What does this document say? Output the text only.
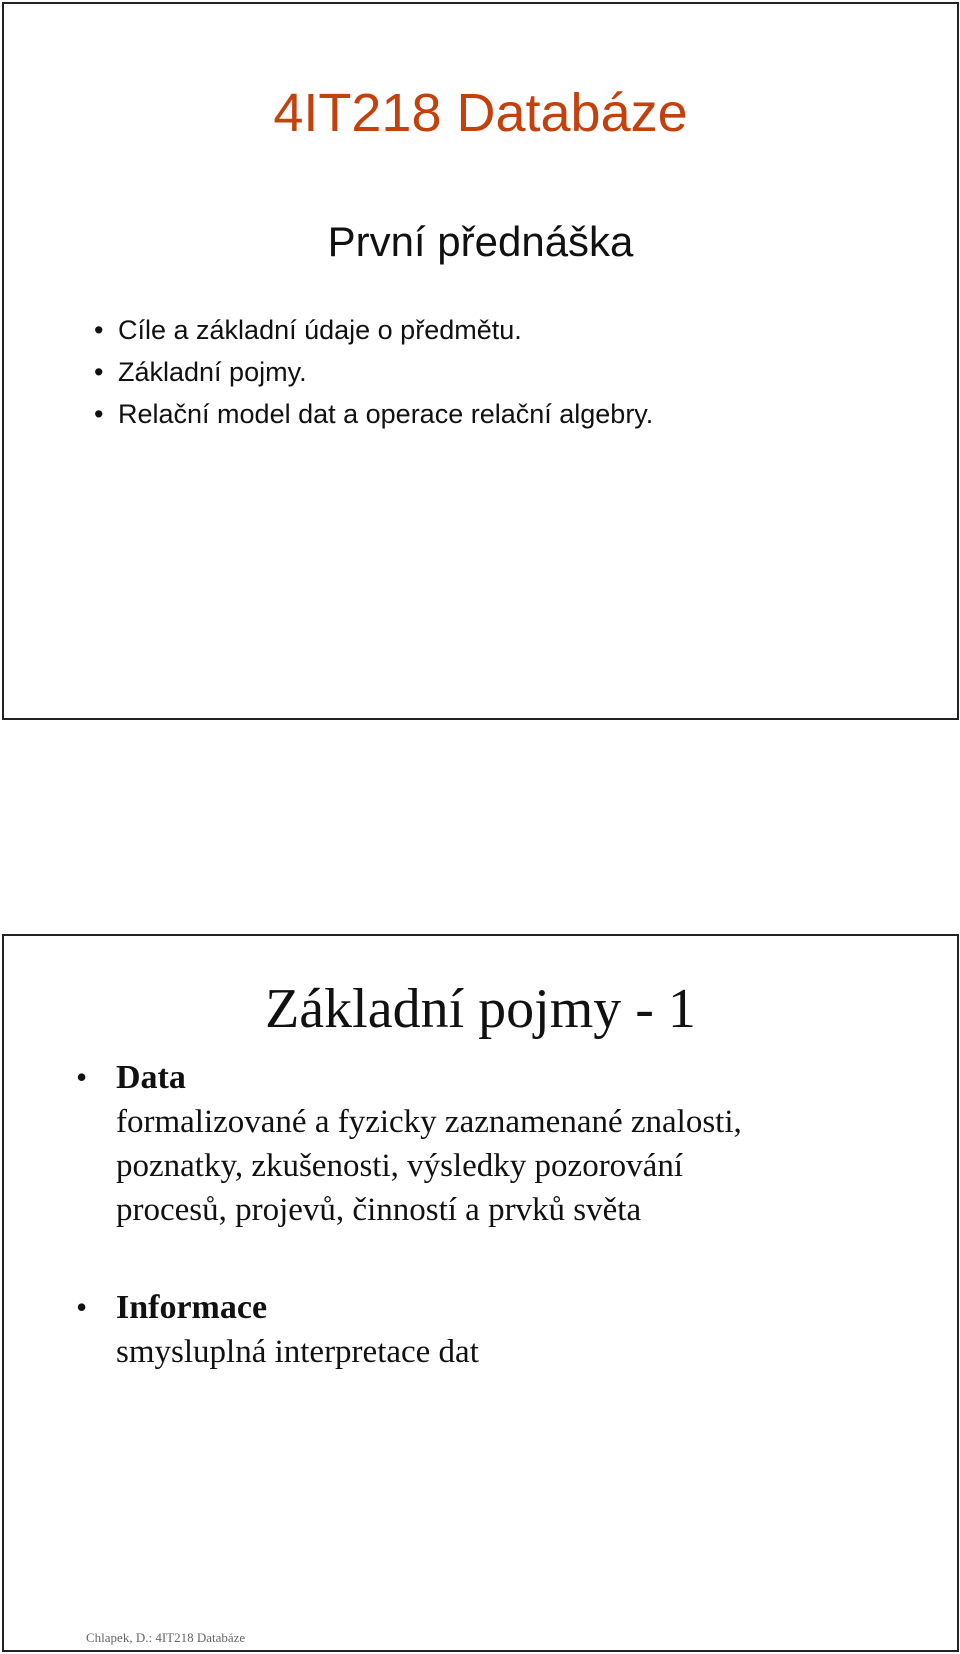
4IT218 Databáze
První přednáška
• Cíle a základní údaje o předmětu.
• Základní pojmy.
• Relační model dat a operace relační algebry.
Základní pojmy - 1
• Data
formalizované a fyzicky zaznamenané znalosti,
poznatky, zkušenosti, výsledky pozorování
procesů, projevů, činností a prvků světa
• Informace
smysluplná interpretace dat
Chlapek, D.: 4IT218 Databáze
